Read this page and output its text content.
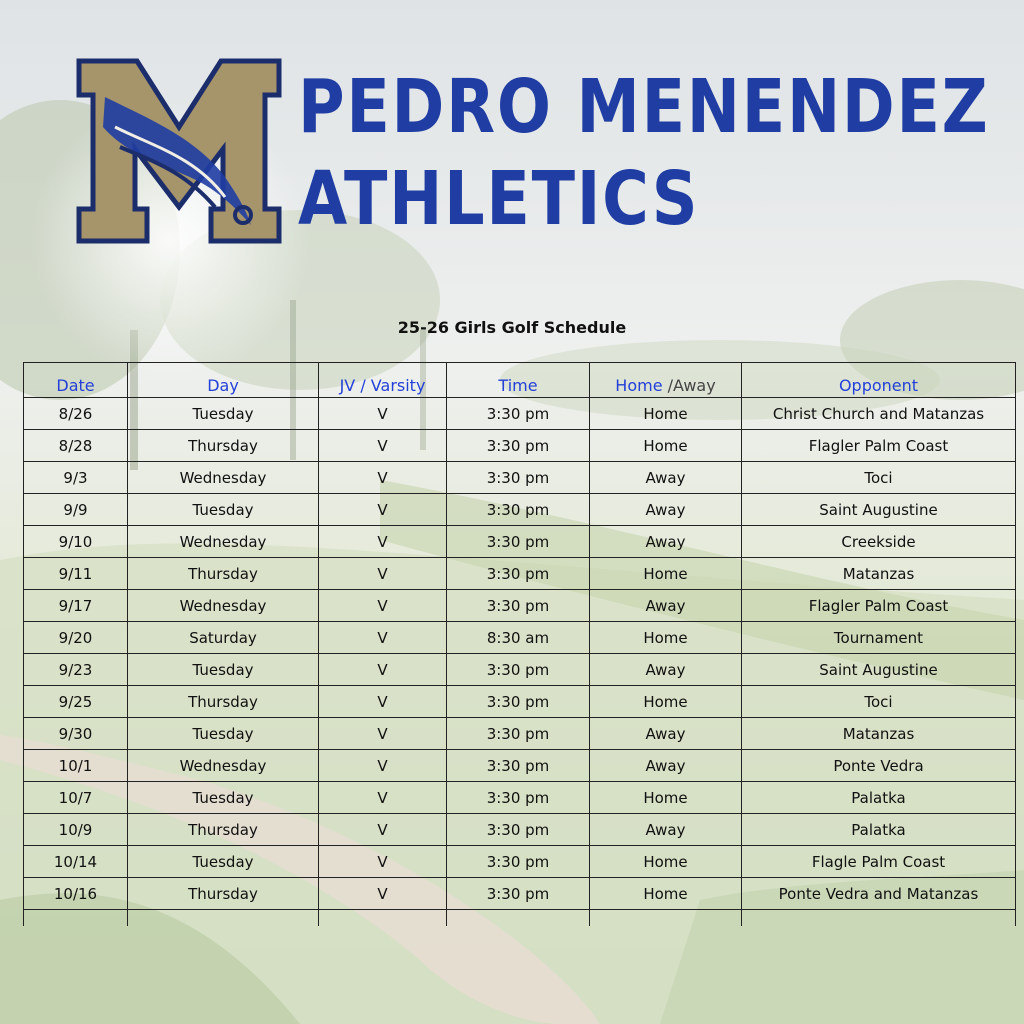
PEDRO MENENDEZ
ATHLETICS
25-26 Girls Golf Schedule
Date	Day	JV / Varsity	Time	Home /Away	Opponent
8/26	Tuesday	V	3:30 pm	Home	Christ Church and Matanzas
8/28	Thursday	V	3:30 pm	Home	Flagler Palm Coast
9/3	Wednesday	V	3:30 pm	Away	Toci
9/9	Tuesday	V	3:30 pm	Away	Saint Augustine
9/10	Wednesday	V	3:30 pm	Away	Creekside
9/11	Thursday	V	3:30 pm	Home	Matanzas
9/17	Wednesday	V	3:30 pm	Away	Flagler Palm Coast
9/20	Saturday	V	8:30 am	Home	Tournament
9/23	Tuesday	V	3:30 pm	Away	Saint Augustine
9/25	Thursday	V	3:30 pm	Home	Toci
9/30	Tuesday	V	3:30 pm	Away	Matanzas
10/1	Wednesday	V	3:30 pm	Away	Ponte Vedra
10/7	Tuesday	V	3:30 pm	Home	Palatka
10/9	Thursday	V	3:30 pm	Away	Palatka
10/14	Tuesday	V	3:30 pm	Home	Flagle Palm Coast
10/16	Thursday	V	3:30 pm	Home	Ponte Vedra and Matanzas
